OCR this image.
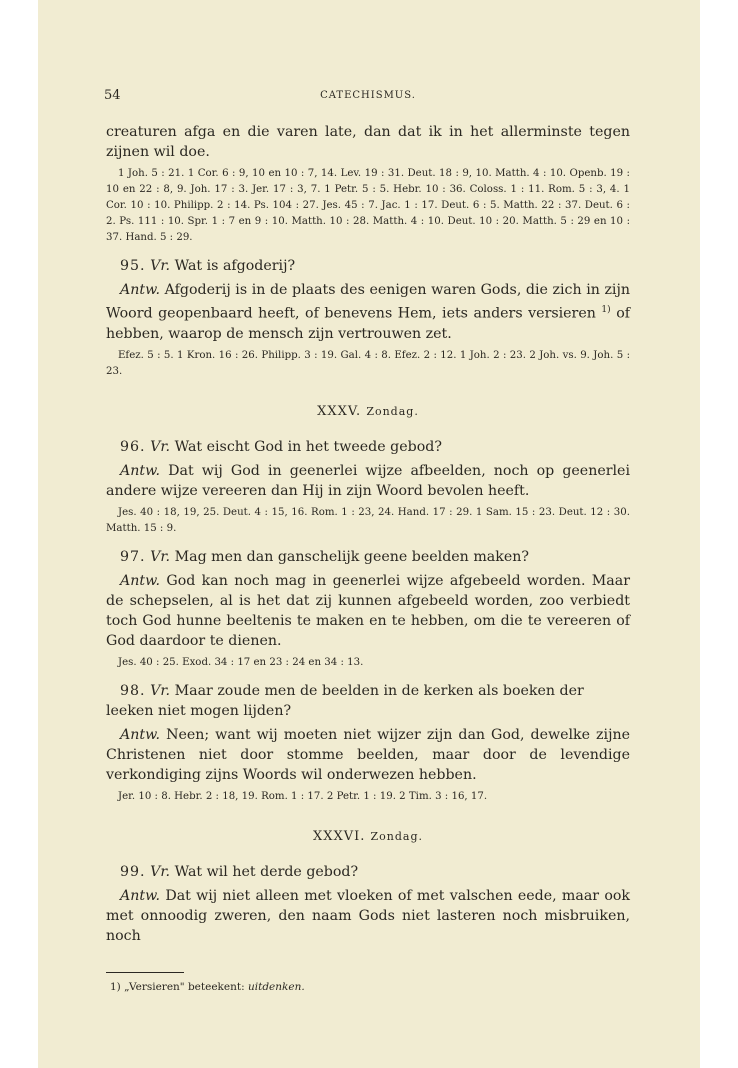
54	CATECHISMUS.

creaturen afga en die varen late, dan dat ik in het allerminste tegen zijnen wil doe.

1 Joh. 5 : 21. 1 Cor. 6 : 9, 10 en 10 : 7, 14. Lev. 19 : 31. Deut. 18 : 9, 10. Matth. 4 : 10. Openb. 19 : 10 en 22 : 8, 9. Joh. 17 : 3. Jer. 17 : 3, 7. 1 Petr. 5 : 5. Hebr. 10 : 36. Coloss. 1 : 11. Rom. 5 : 3, 4. 1 Cor. 10 : 10. Philipp. 2 : 14. Ps. 104 : 27. Jes. 45 : 7. Jac. 1 : 17. Deut. 6 : 5. Matth. 22 : 37. Deut. 6 : 2. Ps. 111 : 10. Spr. 1 : 7 en 9 : 10. Matth. 10 : 28. Matth. 4 : 10. Deut. 10 : 20. Matth. 5 : 29 en 10 : 37. Hand. 5 : 29.

95. Vr. Wat is afgoderij?

Antw. Afgoderij is in de plaats des eenigen waren Gods, die zich in zijn Woord geopenbaard heeft, of benevens Hem, iets anders versieren $^{1)}$ of hebben, waarop de mensch zijn vertrouwen zet.

Efez. 5 : 5. 1 Kron. 16 : 26. Philipp. 3 : 19. Gal. 4 : 8. Efez. 2 : 12. 1 Joh. 2 : 23. 2 Joh. vs. 9. Joh. 5 : 23.

XXXV. Zondag.

96. Vr. Wat eischt God in het tweede gebod?

Antw. Dat wij God in geenerlei wijze afbeelden, noch op geenerlei andere wijze vereeren dan Hij in zijn Woord bevolen heeft.

Jes. 40 : 18, 19, 25. Deut. 4 : 15, 16. Rom. 1 : 23, 24. Hand. 17 : 29. 1 Sam. 15 : 23. Deut. 12 : 30. Matth. 15 : 9.

97. Vr. Mag men dan ganschelijk geene beelden maken?

Antw. God kan noch mag in geenerlei wijze afgebeeld worden. Maar de schepselen, al is het dat zij kunnen afgebeeld worden, zoo verbiedt toch God hunne beeltenis te maken en te hebben, om die te vereeren of God daardoor te dienen.

Jes. 40 : 25. Exod. 34 : 17 en 23 : 24 en 34 : 13.

98. Vr. Maar zoude men de beelden in de kerken als boeken der leeken niet mogen lijden?

Antw. Neen; want wij moeten niet wijzer zijn dan God, dewelke zijne Christenen niet door stomme beelden, maar door de levendige verkondiging zijns Woords wil onderwezen hebben.

Jer. 10 : 8. Hebr. 2 : 18, 19. Rom. 1 : 17. 2 Petr. 1 : 19. 2 Tim. 3 : 16, 17.

XXXVI. Zondag.

99. Vr. Wat wil het derde gebod?

Antw. Dat wij niet alleen met vloeken of met valschen eede, maar ook met onnoodig zweren, den naam Gods niet lasteren noch misbruiken, noch

1) „Versieren" beteekent: uitdenken.
